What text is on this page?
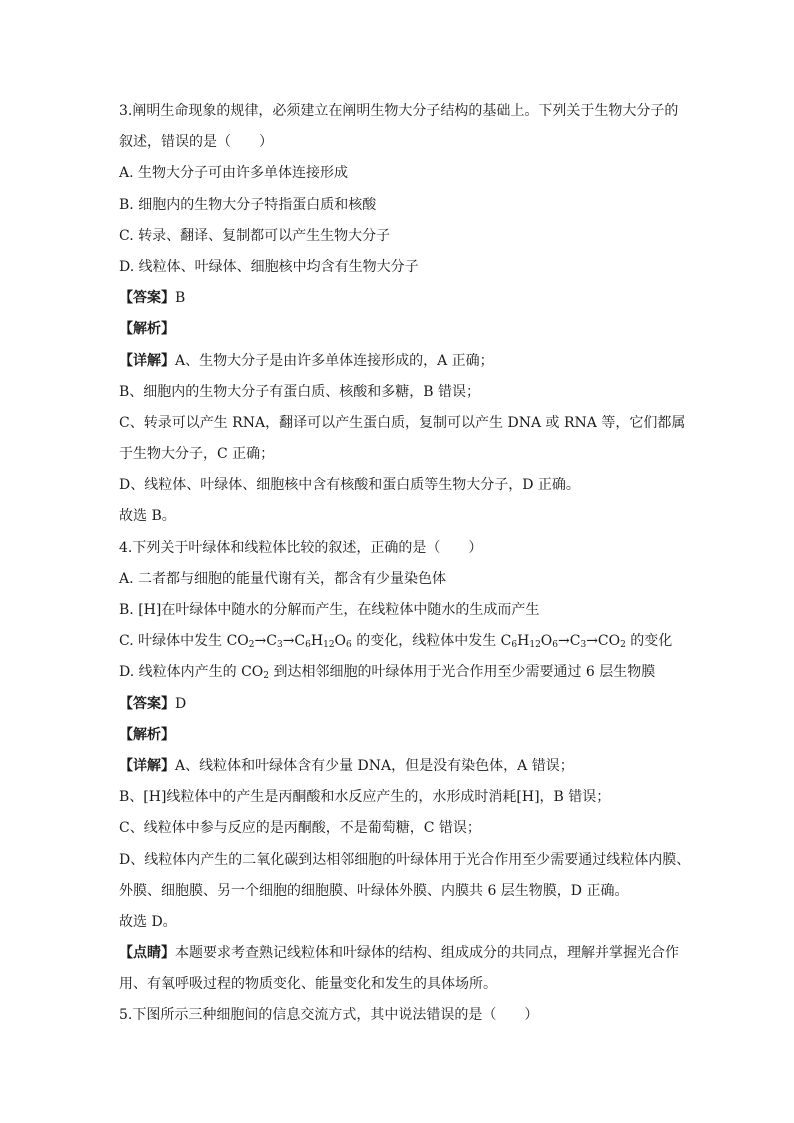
3.阐明生命现象的规律，必须建立在阐明生物大分子结构的基础上。下列关于生物大分子的
叙述，错误的是（　　）
A. 生物大分子可由许多单体连接形成
B. 细胞内的生物大分子特指蛋白质和核酸
C. 转录、翻译、复制都可以产生生物大分子
D. 线粒体、叶绿体、细胞核中均含有生物大分子
【答案】B
【解析】
【详解】A、生物大分子是由许多单体连接形成的，A 正确；
B、细胞内的生物大分子有蛋白质、核酸和多糖，B 错误；
C、转录可以产生 RNA，翻译可以产生蛋白质，复制可以产生 DNA 或 RNA 等，它们都属
于生物大分子，C 正确；
D、线粒体、叶绿体、细胞核中含有核酸和蛋白质等生物大分子，D 正确。
故选 B。
4.下列关于叶绿体和线粒体比较的叙述，正确的是（　　）
A. 二者都与细胞的能量代谢有关，都含有少量染色体
B. [H]在叶绿体中随水的分解而产生，在线粒体中随水的生成而产生
C. 叶绿体中发生 $CO_2\to C_3\to C_6H_{12}O_6$ 的变化，线粒体中发生 $C_6H_{12}O_6\to C_3\to CO_2$ 的变化
D. 线粒体内产生的 $CO_2$ 到达相邻细胞的叶绿体用于光合作用至少需要通过 6 层生物膜
【答案】D
【解析】
【详解】A、线粒体和叶绿体含有少量 DNA，但是没有染色体，A 错误；
B、[H]线粒体中的产生是丙酮酸和水反应产生的，水形成时消耗[H]，B 错误；
C、线粒体中参与反应的是丙酮酸，不是葡萄糖，C 错误；
D、线粒体内产生的二氧化碳到达相邻细胞的叶绿体用于光合作用至少需要通过线粒体内膜、
外膜、细胞膜、另一个细胞的细胞膜、叶绿体外膜、内膜共 6 层生物膜，D 正确。
故选 D。
【点睛】本题要求考查熟记线粒体和叶绿体的结构、组成成分的共同点，理解并掌握光合作
用、有氧呼吸过程的物质变化、能量变化和发生的具体场所。
5.下图所示三种细胞间的信息交流方式，其中说法错误的是（　　）
